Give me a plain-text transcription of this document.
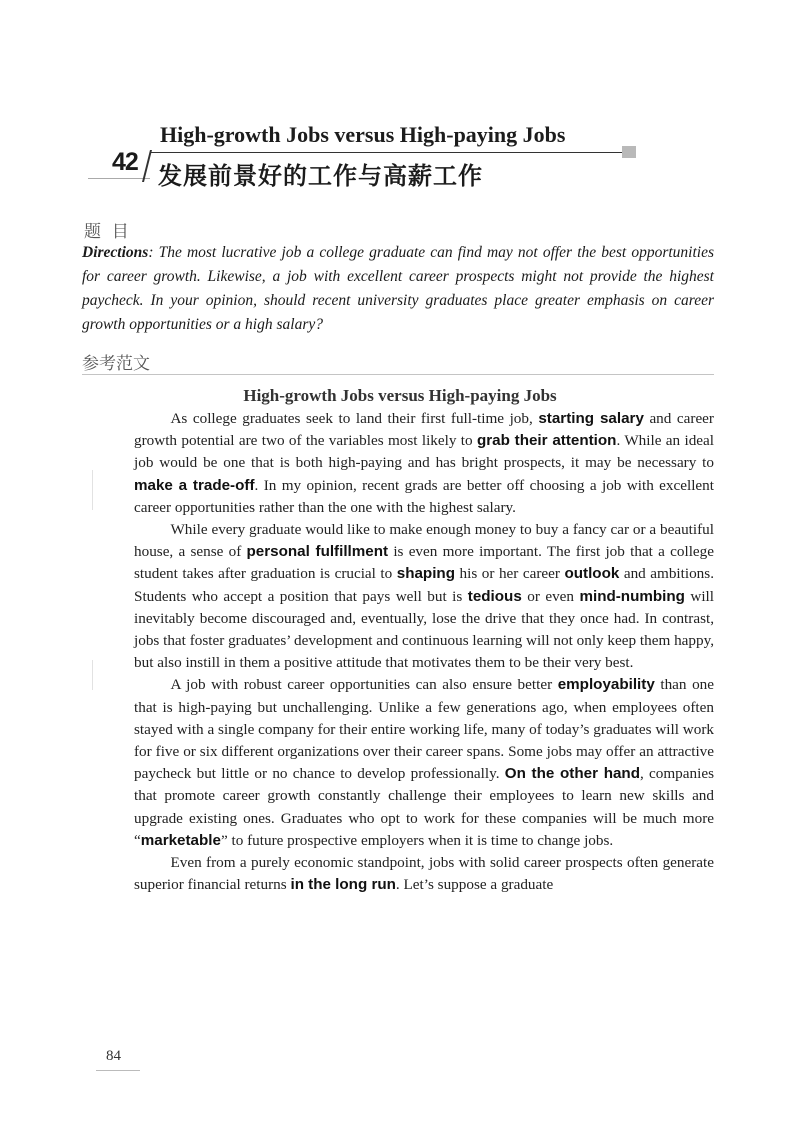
High-growth Jobs versus High-paying Jobs
42 发展前景好的工作与高薪工作
题  目
Directions: The most lucrative job a college graduate can find may not offer the best opportunities for career growth. Likewise, a job with excellent career prospects might not provide the highest paycheck. In your opinion, should recent university graduates place greater emphasis on career growth opportunities or a high salary?
参考范文
High-growth Jobs versus High-paying Jobs

As college graduates seek to land their first full-time job, starting salary and career growth potential are two of the variables most likely to grab their attention. While an ideal job would be one that is both high-paying and has bright prospects, it may be necessary to make a trade-off. In my opinion, recent grads are better off choosing a job with excellent career opportunities rather than the one with the highest salary.

While every graduate would like to make enough money to buy a fancy car or a beautiful house, a sense of personal fulfillment is even more important. The first job that a college student takes after graduation is crucial to shaping his or her career outlook and ambitions. Students who accept a position that pays well but is tedious or even mind-numbing will inevitably become discouraged and, eventually, lose the drive that they once had. In contrast, jobs that foster graduates’ development and continuous learning will not only keep them happy, but also instill in them a positive attitude that motivates them to be their very best.

A job with robust career opportunities can also ensure better employability than one that is high-paying but unchallenging. Unlike a few generations ago, when employees often stayed with a single company for their entire working life, many of today’s graduates will work for five or six different organizations over their career spans. Some jobs may offer an attractive paycheck but little or no chance to develop professionally. On the other hand, companies that promote career growth constantly challenge their employees to learn new skills and upgrade existing ones. Graduates who opt to work for these companies will be much more “marketable” to future prospective employers when it is time to change jobs.

Even from a purely economic standpoint, jobs with solid career prospects often generate superior financial returns in the long run. Let’s suppose a graduate

84
